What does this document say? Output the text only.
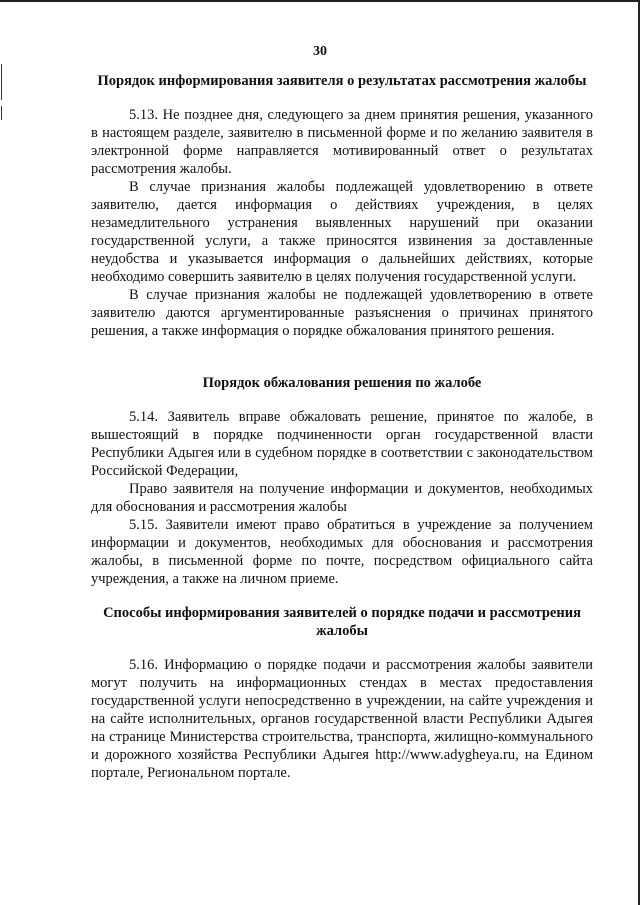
30
Порядок информирования заявителя о результатах рассмотрения жалобы

5.13. Не позднее дня, следующего за днем принятия решения, указанного в настоящем разделе, заявителю в письменной форме и по желанию заявителя в электронной форме направляется мотивированный ответ о результатах рассмотрения жалобы.

В случае признания жалобы подлежащей удовлетворению в ответе заявителю, дается информация о действиях учреждения, в целях незамедлительного устранения выявленных нарушений при оказании государственной услуги, а также приносятся извинения за доставленные неудобства и указывается информация о дальнейших действиях, которые необходимо совершить заявителю в целях получения государственной услуги.

В случае признания жалобы не подлежащей удовлетворению в ответе заявителю даются аргументированные разъяснения о причинах принятого решения, а также информация о порядке обжалования принятого решения.

Порядок обжалования решения по жалобе

5.14. Заявитель вправе обжаловать решение, принятое по жалобе, в вышестоящий в порядке подчиненности орган государственной власти Республики Адыгея или в судебном порядке в соответствии с законодательством Российской Федерации,

Право заявителя на получение информации и документов, необходимых для обоснования и рассмотрения жалобы

5.15. Заявители имеют право обратиться в учреждение за получением информации и документов, необходимых для обоснования и рассмотрения жалобы, в письменной форме по почте, посредством официального сайта учреждения, а также на личном приеме.

Способы информирования заявителей о порядке подачи и рассмотрения жалобы

5.16. Информацию о порядке подачи и рассмотрения жалобы заявители могут получить на информационных стендах в местах предоставления государственной услуги непосредственно в учреждении, на сайте учреждения и на сайте исполнительных, органов государственной власти Республики Адыгея на странице Министерства строительства, транспорта, жилищно-коммунального и дорожного хозяйства Республики Адыгея http://www.adygheya.ru, на Едином портале, Региональном портале.
